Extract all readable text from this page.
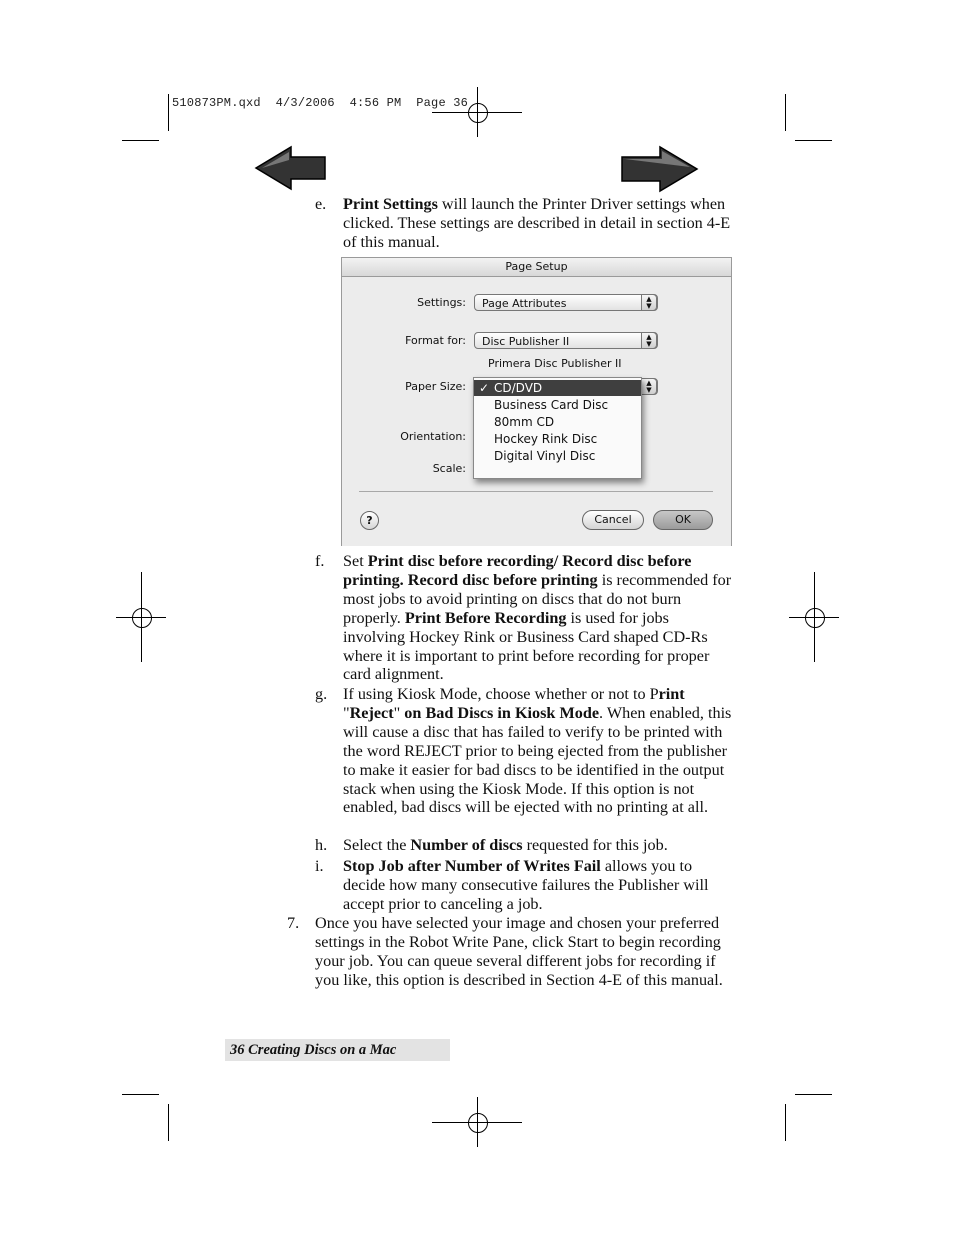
510873PM.qxd  4/3/2006  4:56 PM  Page 36
e. Print Settings will launch the Printer Driver settings when clicked. These settings are described in detail in section 4-E of this manual.
Page Setup
Settings:	Page Attributes	▲
▼
Format for:	Disc Publisher II	▲
▼
Primera Disc Publisher II
Paper Size:	▲
▼
Orientation:
Scale:
✓ CD/DVD
Business Card Disc
80mm CD
Hockey Rink Disc
Digital Vinyl Disc
?	Cancel	OK
f. Set Print disc before recording/ Record disc before printing. Record disc before printing is recommended for most jobs to avoid printing on discs that do not burn properly. Print Before Recording is used for jobs involving Hockey Rink or Business Card shaped CD-Rs where it is important to print before recording for proper card alignment.
g. If using Kiosk Mode, choose whether or not to Print "Reject" on Bad Discs in Kiosk Mode. When enabled, this will cause a disc that has failed to verify to be printed with the word REJECT prior to being ejected from the publisher to make it easier for bad discs to be identified in the output stack when using the Kiosk Mode. If this option is not enabled, bad discs will be ejected with no printing at all.
h. Select the Number of discs requested for this job.
i. Stop Job after Number of Writes Fail allows you to decide how many consecutive failures the Publisher will accept prior to canceling a job.
7. Once you have selected your image and chosen your preferred settings in the Robot Write Pane, click Start to begin recording your job. You can queue several different jobs for recording if you like, this option is described in Section 4-E of this manual.
36 Creating Discs on a Mac
